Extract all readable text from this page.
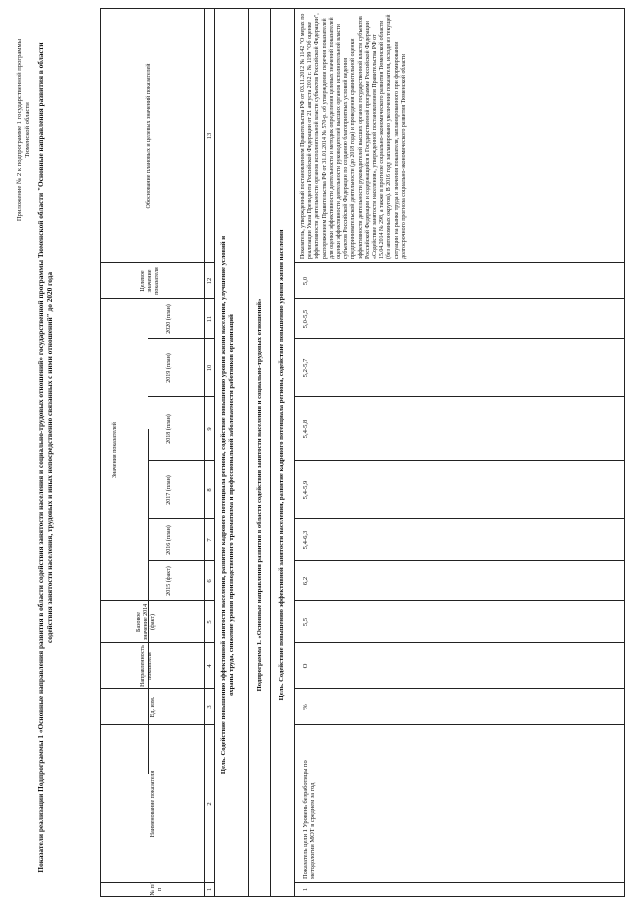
Приложение № 2 к подпрограмме 1 государственной программы Тюменской области Показатели реализации Подпрограммы 1 «Основные направления развития в области содействия занятости населения и социально-трудовых отношений» государственной программы Тюменской области "Основные направления развития в области содействия занятости населения, трудовых и иных непосредственно связанных с ними отношений" до 2020 года
№ п/п
Наименование показателя
Ед. изм.
Направленность показателя
Базовое значение 2014 (факт)
Значения показателей
2015 (факт)
2016 (план)
2017 (план)
2018 (план)
2019 (план)
2020 (план)
Целевое значение показателя
Обоснование плановых и целевых значений показателей
1
2
3
4
5
6
7
8
9
10
11
12
13
Цель. Содействие повышению эффективной занятости населения, развитие кадрового потенциала региона, содействие повышению уровня жизни населения, улучшение условий и охраны труда, снижение уровня производственного травматизма и профессиональной заболеваемости работников организаций	Подпрограмма 1. «Основные направления развития в области содействия занятости населения и социально-трудовых отношений» Цель. Содействие повышению эффективной занятости населения, развитие кадрового потенциала региона, содействие повышению уровня жизни населения
1
Показатель цели 1 Уровень безработицы по методологии МОТ в среднем за год
%
О
5,5
6,2
5,4-6,3
5,4-5,9
5,4-5,8
5,2-5,7
5,0-5,5
5,0
Показатель, утвержденный постановлением Правительства РФ от 03.11.2012 № 1142 "О мерах по реализации Указа Президента Российской Федерации от 21 августа 2012 г. № 1199 "Об оценке эффективности деятельности органов исполнительной власти субъектов Российской Федерации", распоряжением Правительства РФ от 31.01.2014 № 570-р. об утверждении перечня показателей для оценки эффективности деятельности и методик определения целевых значений показателей оценки эффективности деятельности руководителей высших органов исполнительной власти субъектов Российской Федерации по созданию благоприятных условий ведения предпринимательской деятельности (до 2018 года) и проведения сравнительной оценки эффективности деятельности руководителей высших органов государственной власти субъектов Российской Федерации и содержащийся в Государственной программе Российской Федерации «Содействие занятости населения», утвержденной постановлением Правительства РФ от 15.04.2014 № 298, а также в прогнозе социально-экономического развития Тюменской области (без автономных округов). В 2016 году запланировано увеличение показателя, исходя из текущей ситуации на рынке труда и значения показателя, запланированного при формировании долгосрочного прогноза социально-экономического развития Тюменской области
